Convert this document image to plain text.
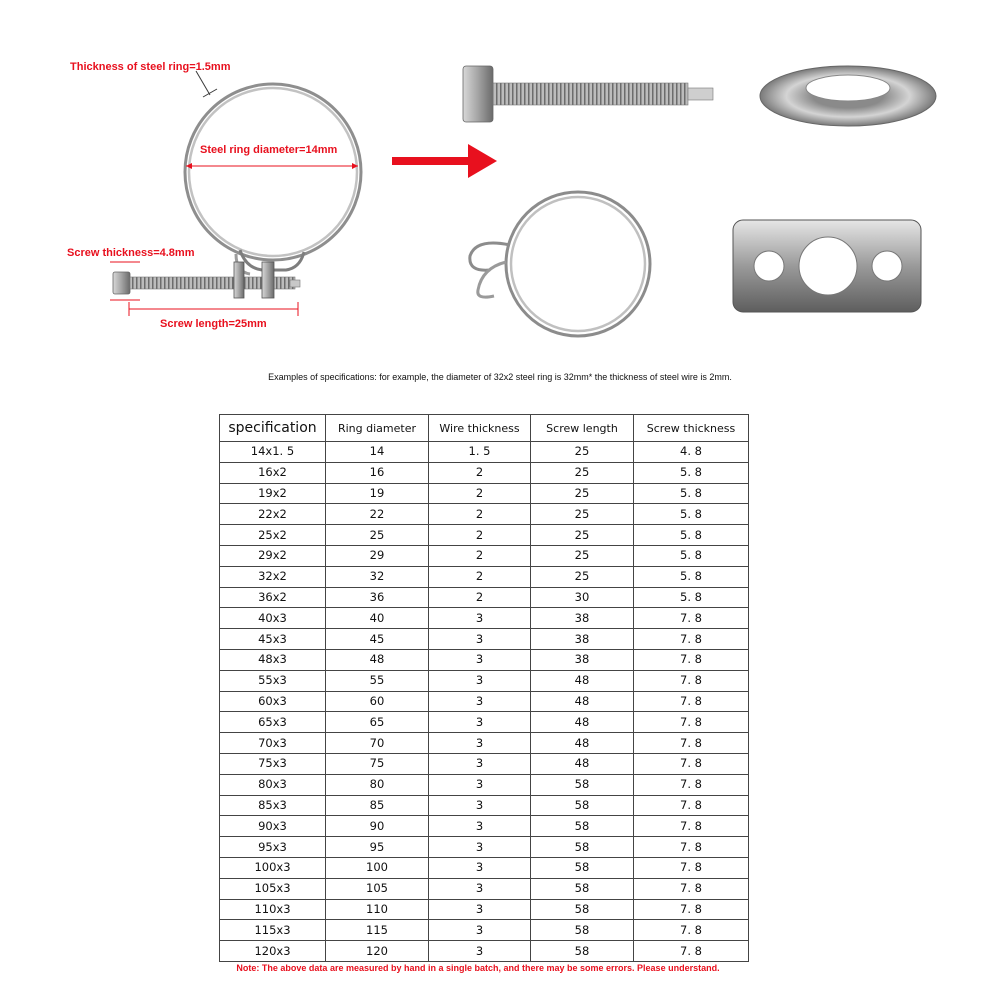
Thickness of steel ring=1.5mm
Steel ring diameter=14mm
Screw thickness=4.8mm
Screw length=25mm
Examples of specifications: for example, the diameter of 32x2 steel ring is 32mm* the thickness of steel wire is 2mm.
specification	Ring diameter	Wire thickness	Screw length	Screw thickness
14x1. 5	14	1. 5	25	4. 8
16x2	16	2	25	5. 8
19x2	19	2	25	5. 8
22x2	22	2	25	5. 8
25x2	25	2	25	5. 8
29x2	29	2	25	5. 8
32x2	32	2	25	5. 8
36x2	36	2	30	5. 8
40x3	40	3	38	7. 8
45x3	45	3	38	7. 8
48x3	48	3	38	7. 8
55x3	55	3	48	7. 8
60x3	60	3	48	7. 8
65x3	65	3	48	7. 8
70x3	70	3	48	7. 8
75x3	75	3	48	7. 8
80x3	80	3	58	7. 8
85x3	85	3	58	7. 8
90x3	90	3	58	7. 8
95x3	95	3	58	7. 8
100x3	100	3	58	7. 8
105x3	105	3	58	7. 8
110x3	110	3	58	7. 8
115x3	115	3	58	7. 8
120x3	120	3	58	7. 8
Note: The above data are measured by hand in a single batch, and there may be some errors. Please understand.
